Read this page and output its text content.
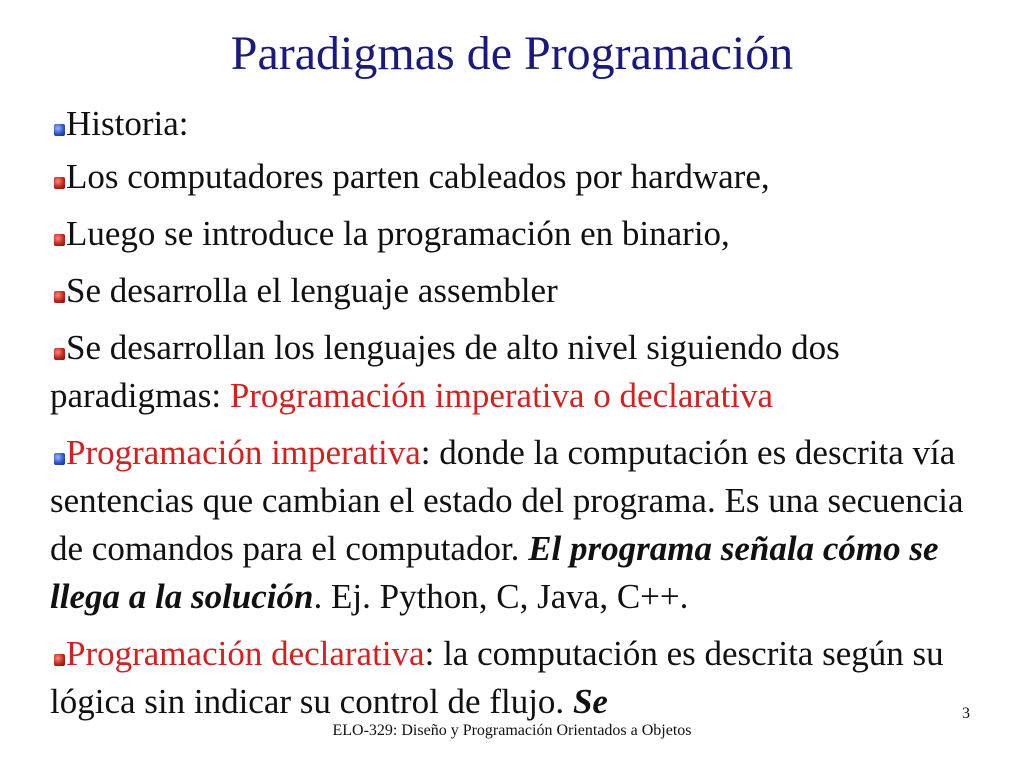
Paradigmas de Programación
Historia:
Los computadores parten cableados por hardware,
Luego se introduce la programación en binario,
Se desarrolla el lenguaje assembler
Se desarrollan los lenguajes de alto nivel siguiendo dos paradigmas: Programación imperativa o declarativa
Programación imperativa: donde la computación es descrita vía sentencias que cambian el estado del programa. Es una secuencia de comandos para el computador. El programa señala cómo se llega a la solución. Ej. Python, C, Java, C++.
Programación declarativa: la computación es descrita según su lógica sin indicar su control de flujo. Se
ELO-329: Diseño y Programación Orientados a Objetos
3
